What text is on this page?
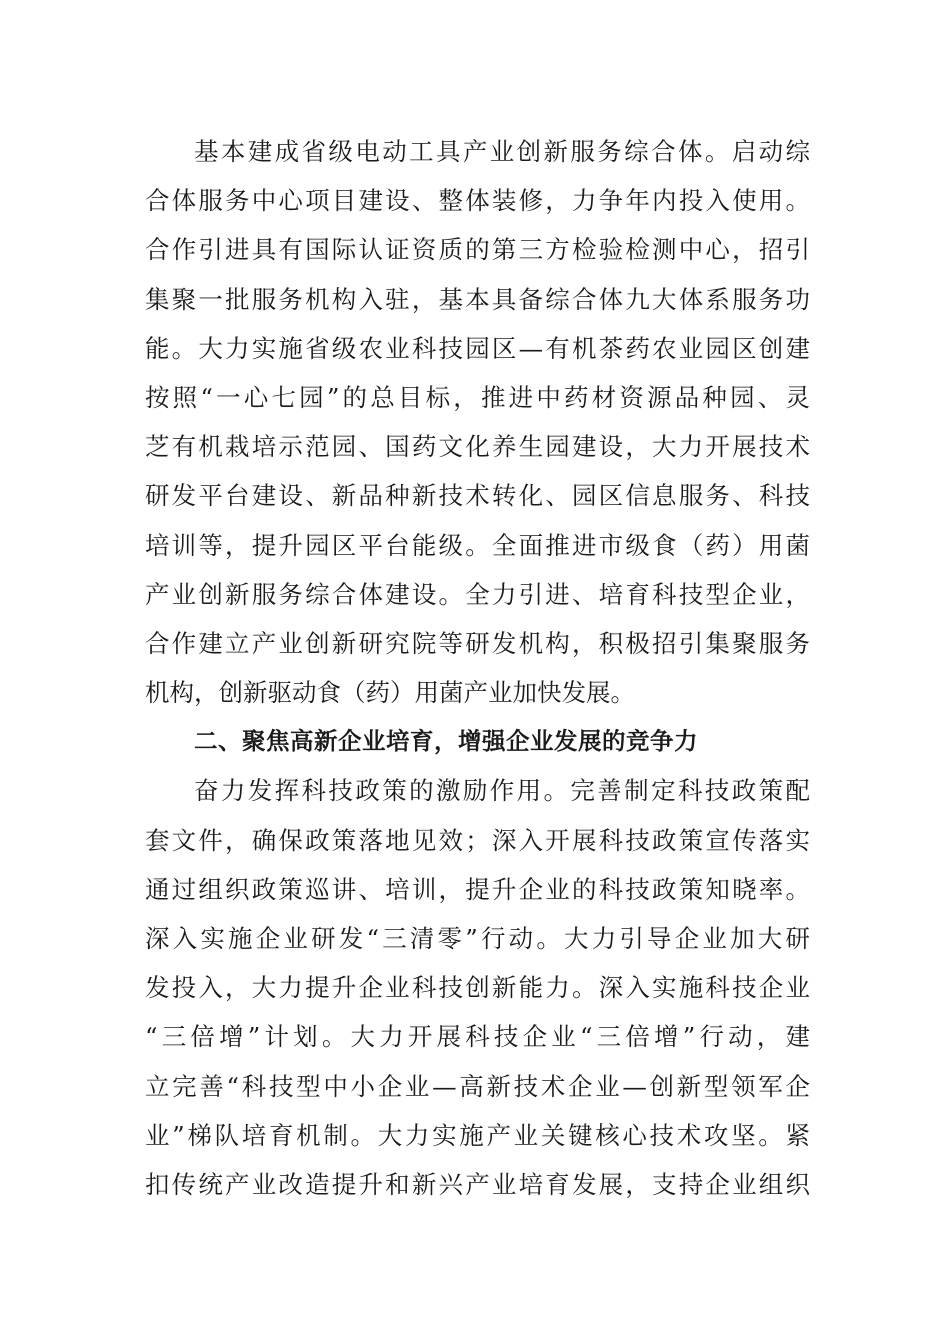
基本建成省级电动工具产业创新服务综合体。启动综
合体服务中心项目建设、整体装修，力争年内投入使用。
合作引进具有国际认证资质的第三方检验检测中心，招引
集聚一批服务机构入驻，基本具备综合体九大体系服务功
能。大力实施省级农业科技园区—有机茶药农业园区创建
按照“一心七园”的总目标，推进中药材资源品种园、灵
芝有机栽培示范园、国药文化养生园建设，大力开展技术
研发平台建设、新品种新技术转化、园区信息服务、科技
培训等，提升园区平台能级。全面推进市级食（药）用菌
产业创新服务综合体建设。全力引进、培育科技型企业，
合作建立产业创新研究院等研发机构，积极招引集聚服务
机构，创新驱动食（药）用菌产业加快发展。
二、聚焦高新企业培育，增强企业发展的竞争力
奋力发挥科技政策的激励作用。完善制定科技政策配
套文件，确保政策落地见效；深入开展科技政策宣传落实
通过组织政策巡讲、培训，提升企业的科技政策知晓率。
深入实施企业研发“三清零”行动。大力引导企业加大研
发投入，大力提升企业科技创新能力。深入实施科技企业
“三倍增”计划。大力开展科技企业“三倍增”行动，建
立完善“科技型中小企业—高新技术企业—创新型领军企
业”梯队培育机制。大力实施产业关键核心技术攻坚。紧
扣传统产业改造提升和新兴产业培育发展，支持企业组织
